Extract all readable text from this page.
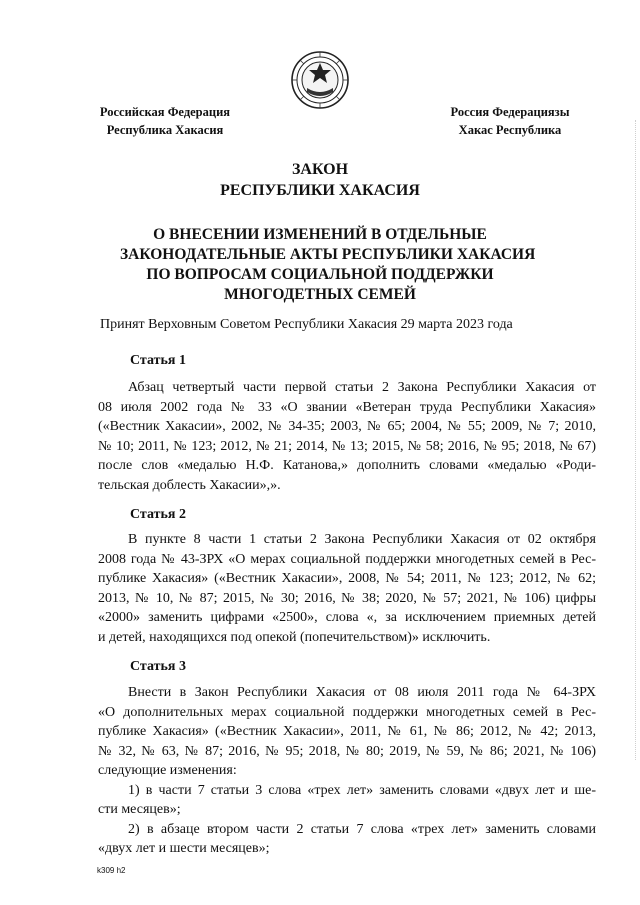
Российская Федерация
Республика Хакасия
Россия Федерациязы
Хакас Республика
ЗАКОН
РЕСПУБЛИКИ ХАКАСИЯ
О ВНЕСЕНИИ ИЗМЕНЕНИЙ В ОТДЕЛЬНЫЕ
ЗАКОНОДАТЕЛЬНЫЕ АКТЫ РЕСПУБЛИКИ ХАКАСИЯ
ПО ВОПРОСАМ СОЦИАЛЬНОЙ ПОДДЕРЖКИ
МНОГОДЕТНЫХ СЕМЕЙ
Принят Верховным Советом Республики Хакасия 29 марта 2023 года
Статья 1
Абзац четвертый части первой статьи 2 Закона Республики Хакасия от
08 июля 2002 года № 33 «О звании «Ветеран труда Республики Хакасия»
(«Вестник Хакасии», 2002, № 34-35; 2003, № 65; 2004, № 55; 2009, № 7; 2010,
№ 10; 2011, № 123; 2012, № 21; 2014, № 13; 2015, № 58; 2016, № 95; 2018, № 67)
после слов «медалью Н.Ф. Катанова,» дополнить словами «медалью «Роди-
тельская доблесть Хакасии»,».
Статья 2
В пункте 8 части 1 статьи 2 Закона Республики Хакасия от 02 октября
2008 года № 43-ЗРХ «О мерах социальной поддержки многодетных семей в Рес-
публике Хакасия» («Вестник Хакасии», 2008, № 54; 2011, № 123; 2012, № 62;
2013, № 10, № 87; 2015, № 30; 2016, № 38; 2020, № 57; 2021, № 106) цифры
«2000» заменить цифрами «2500», слова «, за исключением приемных детей
и детей, находящихся под опекой (попечительством)» исключить.
Статья 3
Внести в Закон Республики Хакасия от 08 июля 2011 года № 64-ЗРХ
«О дополнительных мерах социальной поддержки многодетных семей в Рес-
публике Хакасия» («Вестник Хакасии», 2011, № 61, № 86; 2012, № 42; 2013,
№ 32, № 63, № 87; 2016, № 95; 2018, № 80; 2019, № 59, № 86; 2021, № 106)
следующие изменения:
1) в части 7 статьи 3 слова «трех лет» заменить словами «двух лет и ше-
сти месяцев»;
2) в абзаце втором части 2 статьи 7 слова «трех лет» заменить словами
«двух лет и шести месяцев»;
k309 h2
